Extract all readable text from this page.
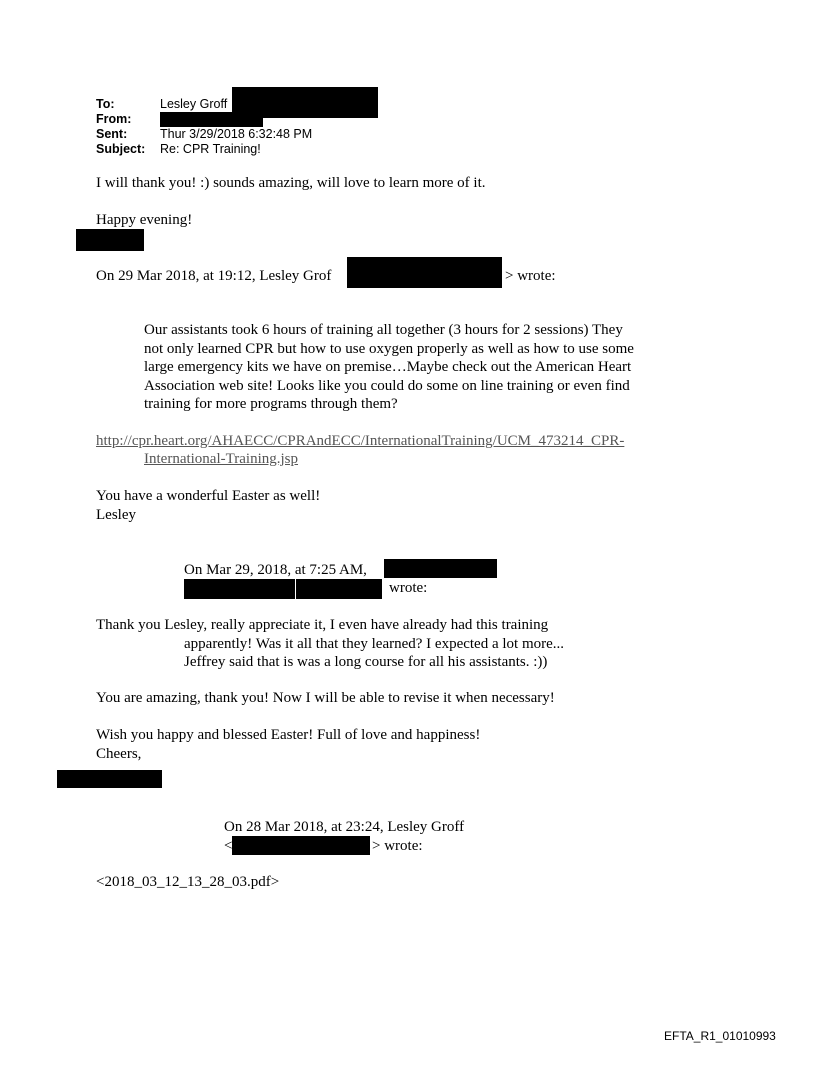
To:	Lesley Groff
From:
Sent:	Thur 3/29/2018 6:32:48 PM
Subject: Re: CPR Training!
I will thank you! :) sounds amazing, will love to learn more of it.
Happy evening!
On 29 Mar 2018, at 19:12, Lesley Grof	> wrote:
Our assistants took 6 hours of training all together (3 hours for 2 sessions) They
not only learned CPR but how to use oxygen properly as well as how to use some
large emergency kits we have on premise…Maybe check out the American Heart
Association web site! Looks like you could do some on line training or even find
training for more programs through them?
http://cpr.heart.org/AHAECC/CPRAndECC/InternationalTraining/UCM_473214_CPR-
International-Training.jsp
You have a wonderful Easter as well!
Lesley
On Mar 29, 2018, at 7:25 AM,
wrote:
Thank you Lesley, really appreciate it, I even have already had this training
apparently! Was it all that they learned? I expected a lot more...
Jeffrey said that is was a long course for all his assistants. :))
You are amazing, thank you! Now I will be able to revise it when necessary!
Wish you happy and blessed Easter! Full of love and happiness!
Cheers,
On 28 Mar 2018, at 23:24, Lesley Groff
<	> wrote:
<2018_03_12_13_28_03.pdf>
EFTA_R1_01010993
